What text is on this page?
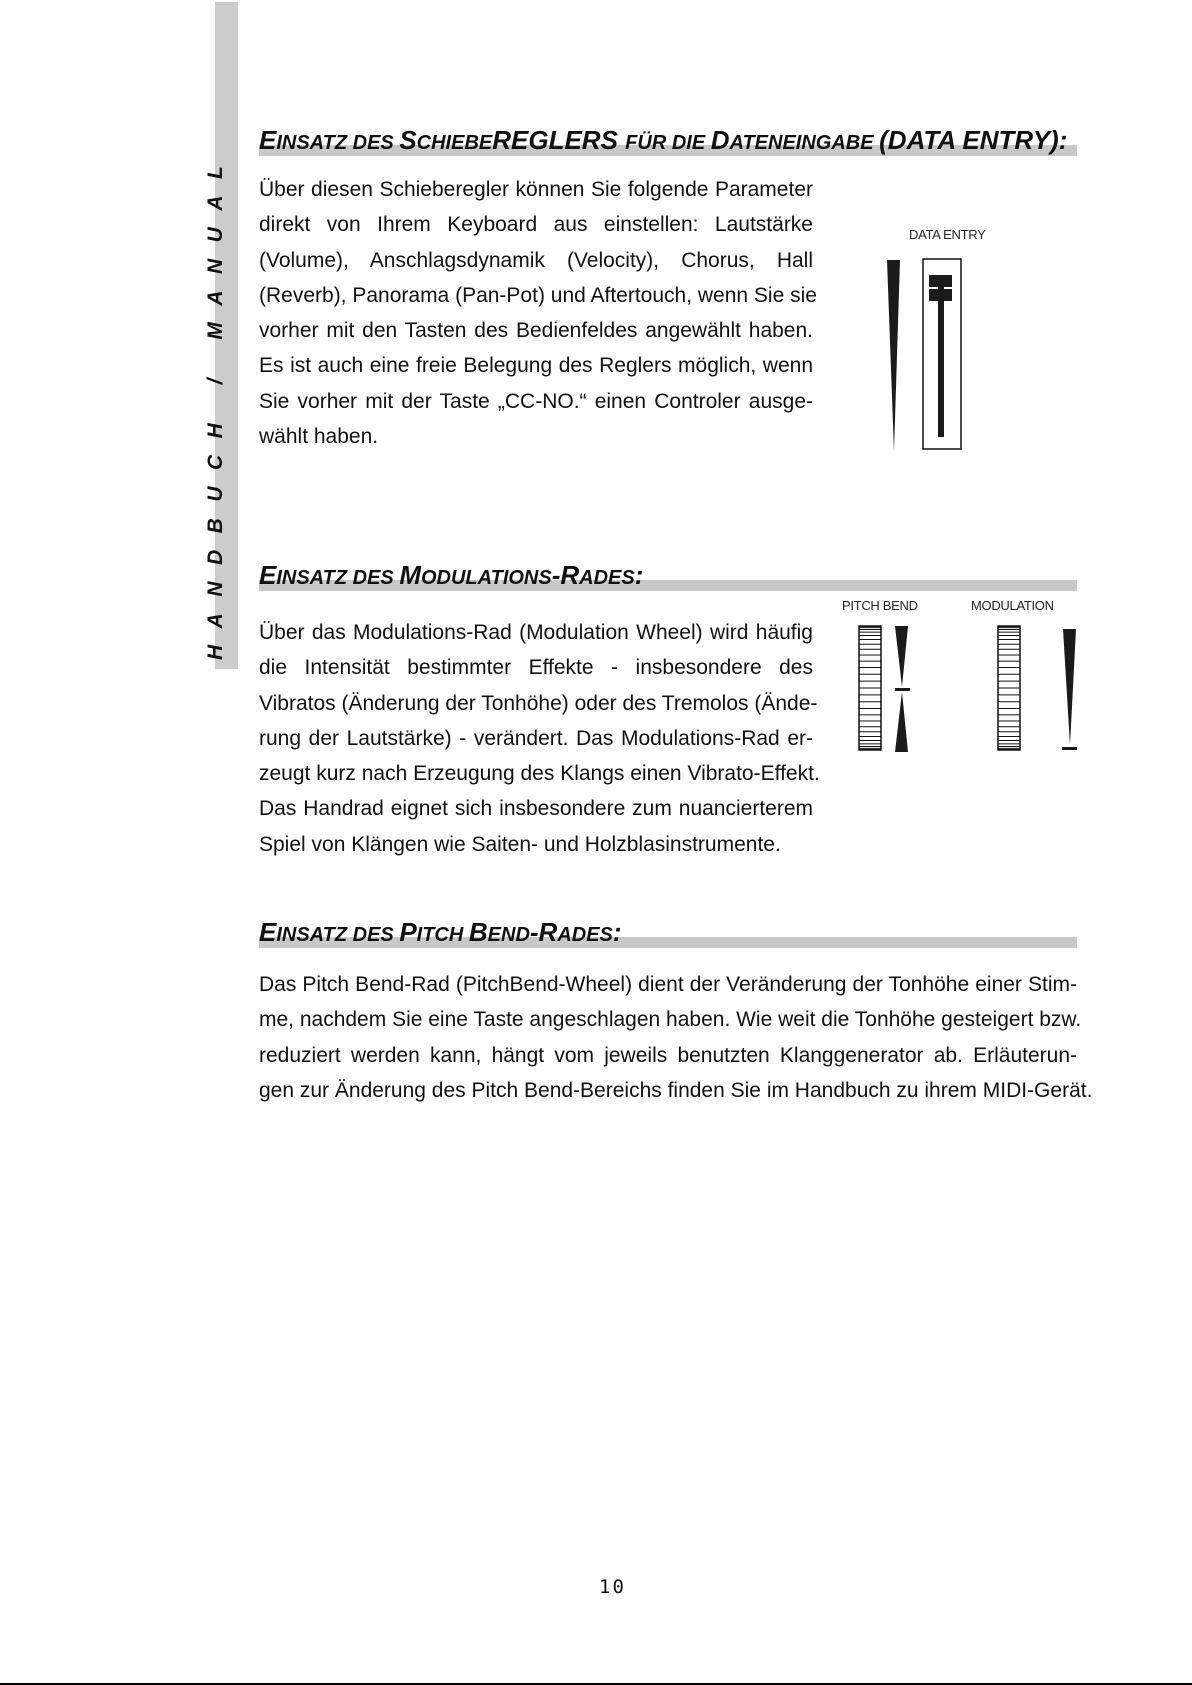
HANDBUCH / MANUAL
EINSATZ DES SCHIEBEREGLERS FÜR DIE DATENEINGABE (DATA ENTRY):
Über diesen Schieberegler können Sie folgende Parameter
direkt von Ihrem Keyboard aus einstellen: Lautstärke
(Volume), Anschlagsdynamik (Velocity), Chorus, Hall
(Reverb), Panorama (Pan-Pot) und Aftertouch, wenn Sie sie
vorher mit den Tasten des Bedienfeldes angewählt haben.
Es ist auch eine freie Belegung des Reglers möglich, wenn
Sie vorher mit der Taste „CC-NO.“ einen Controler ausge-
wählt haben.
DATA ENTRY
EINSATZ DES MODULATIONS-RADES:
Über das Modulations-Rad (Modulation Wheel) wird häufig
die Intensität bestimmter Effekte - insbesondere des
Vibratos (Änderung der Tonhöhe) oder des Tremolos (Ände-
rung der Lautstärke) - verändert. Das Modulations-Rad er-
zeugt kurz nach Erzeugung des Klangs einen Vibrato-Effekt.
Das Handrad eignet sich insbesondere zum nuancierterem
Spiel von Klängen wie Saiten- und Holzblasinstrumente.
PITCH BEND	MODULATION
EINSATZ DES PITCH BEND-RADES:
Das Pitch Bend-Rad (PitchBend-Wheel) dient der Veränderung der Tonhöhe einer Stim-
me, nachdem Sie eine Taste angeschlagen haben. Wie weit die Tonhöhe gesteigert bzw.
reduziert werden kann, hängt vom jeweils benutzten Klanggenerator ab. Erläuterun-
gen zur Änderung des Pitch Bend-Bereichs finden Sie im Handbuch zu ihrem MIDI-Gerät.
10
